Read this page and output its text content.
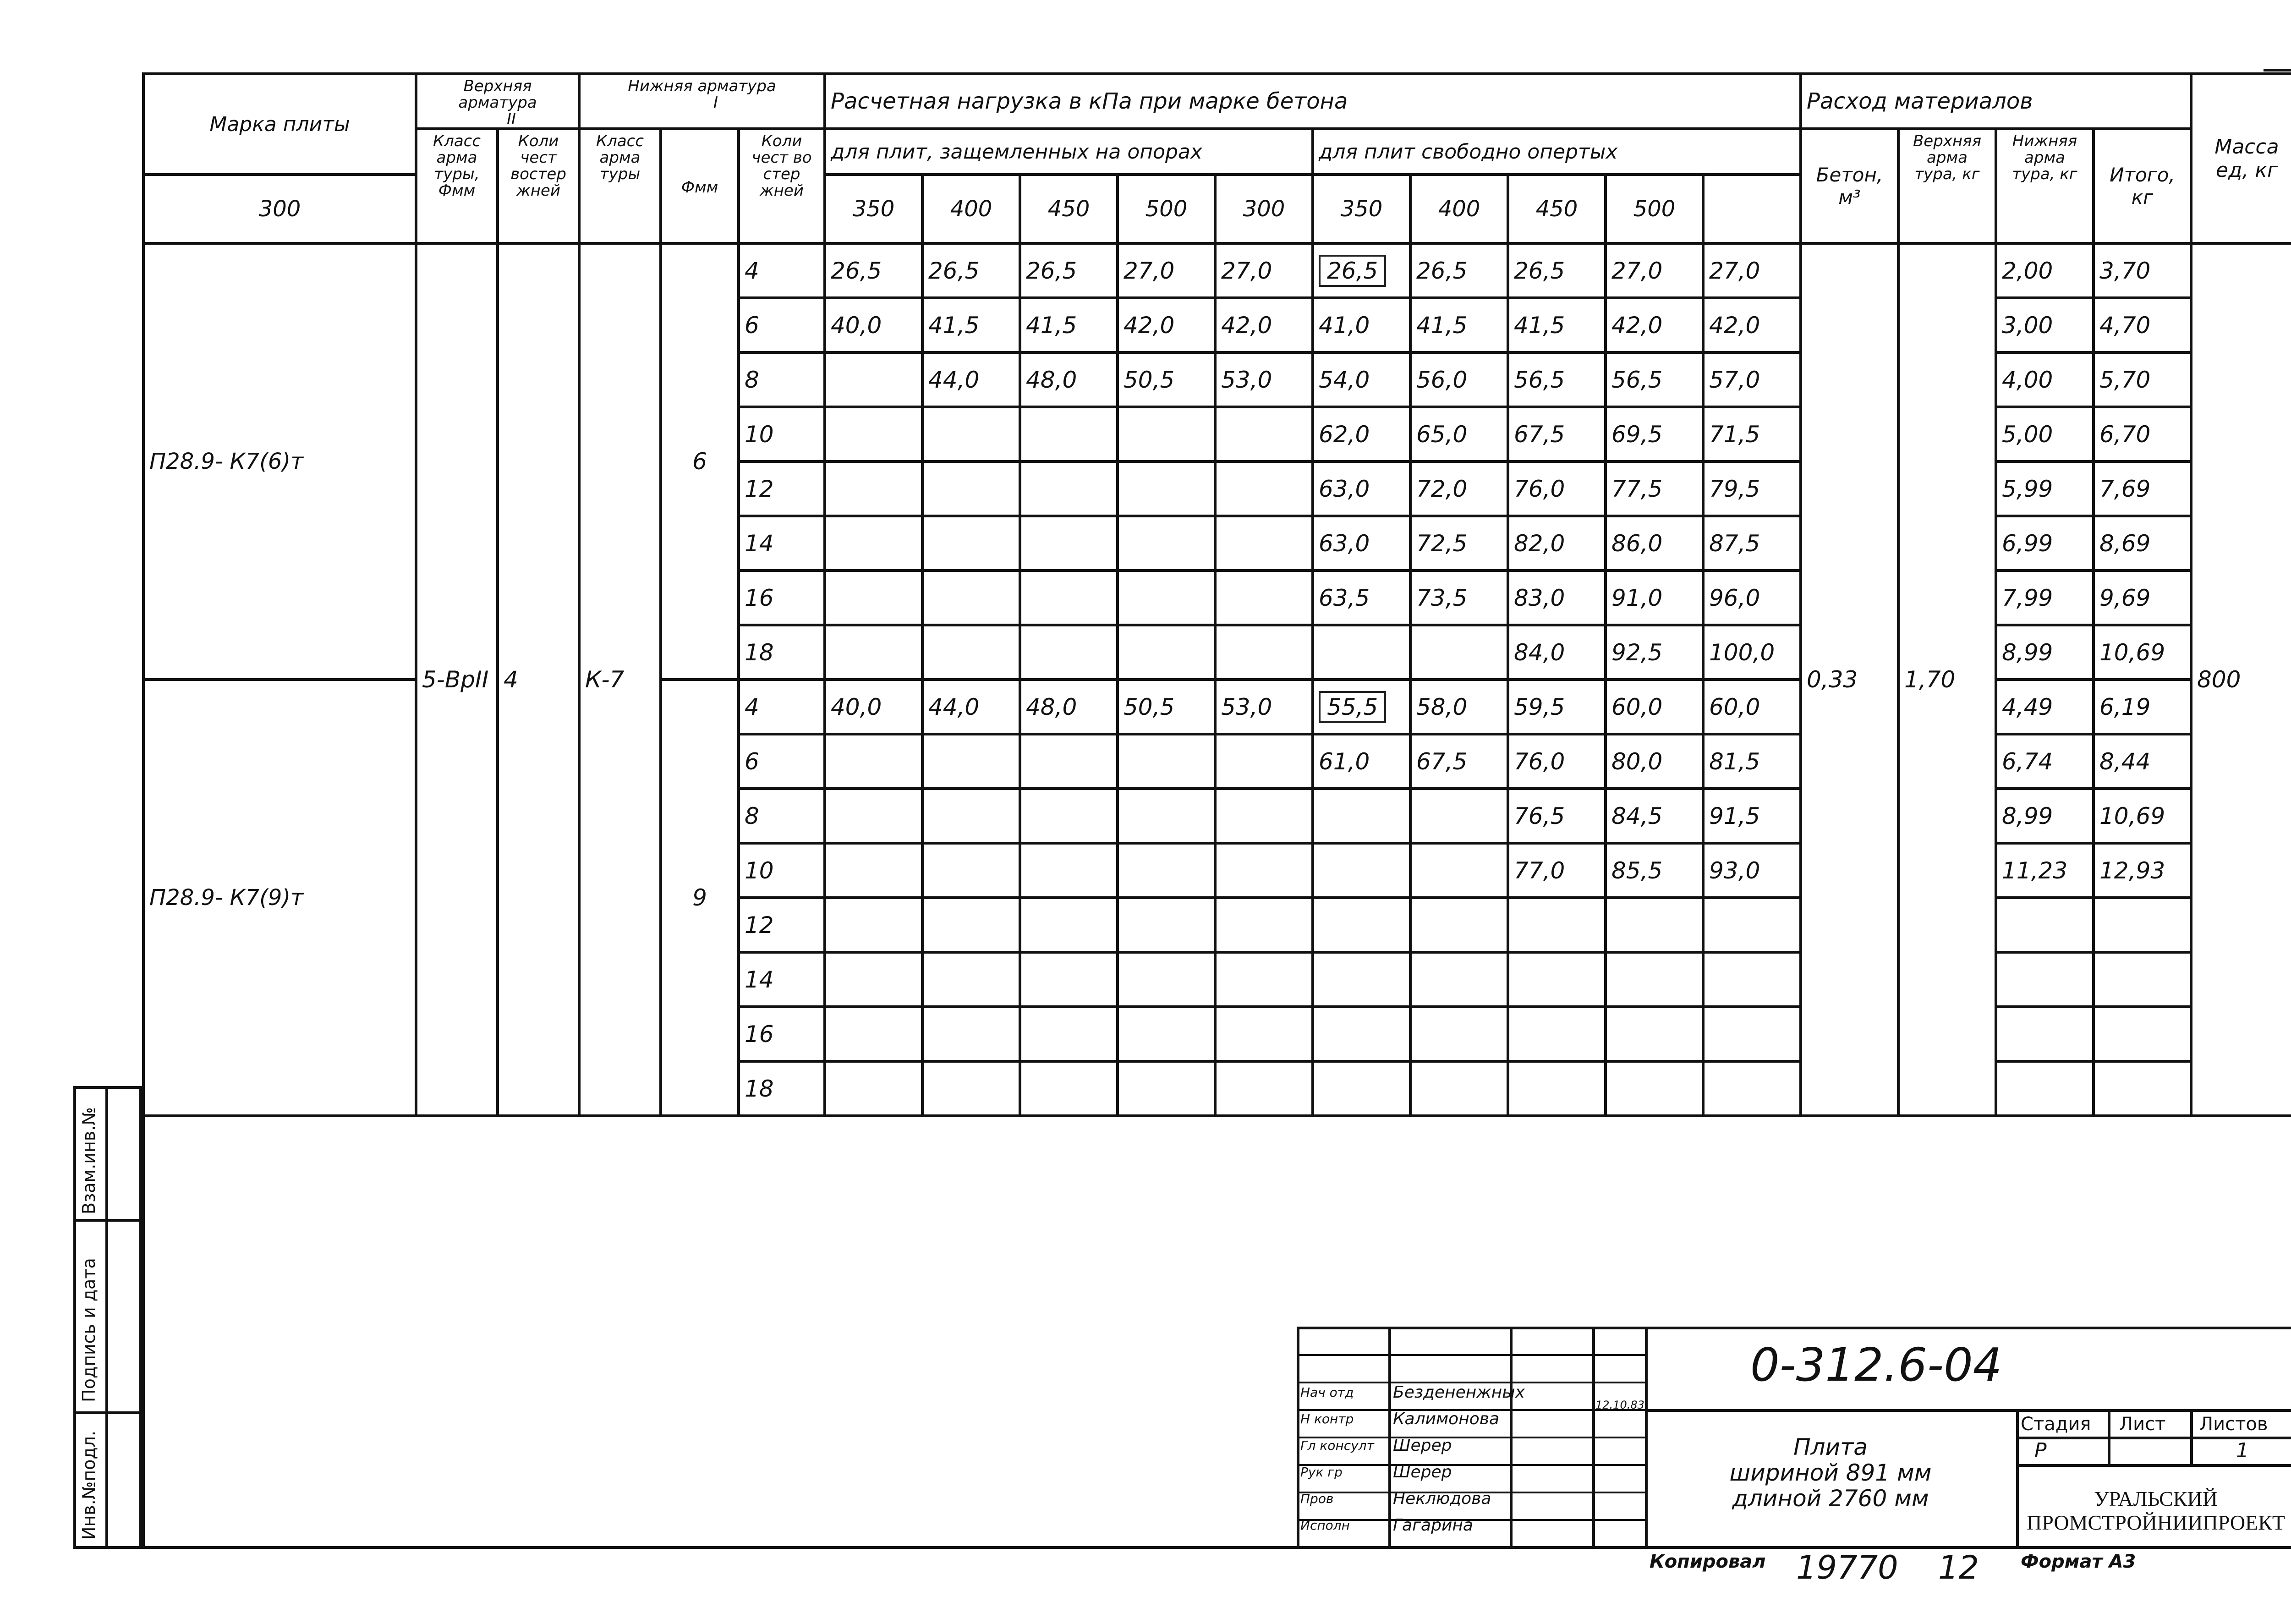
Марка плиты	Верхняя арматура
II		Нижняя арматура
I			Расчетная нагрузка в кПа при марке бетона										Расход материалов				Масса ед, кг
	Класс арма туры, Фмм	Коли чест востер жней	Класс арма туры	Фмм	Коли чест во стер жней	для плит, защемленных на опорах					для плит свободно опертых					Бетон, м³	Верхняя арма тура, кг	Нижняя арма тура, кг	Итого, кг	
300						350	400	450	500	300	350	400	450	500						
П28.9- К7(6)т	5-BpII	4	К-7	6	4	26,5	26,5	26,5	27,0	27,0	26,5	26,5	26,5	27,0	27,0	0,33	1,70	2,00	3,70	800
					6	40,0	41,5	41,5	42,0	42,0	41,0	41,5	41,5	42,0	42,0			3,00	4,70	
					8		44,0	48,0	50,5	53,0	54,0	56,0	56,5	56,5	57,0			4,00	5,70	
					10						62,0	65,0	67,5	69,5	71,5			5,00	6,70	
					12						63,0	72,0	76,0	77,5	79,5			5,99	7,69	
					14						63,0	72,5	82,0	86,0	87,5			6,99	8,69	
					16						63,5	73,5	83,0	91,0	96,0			7,99	9,69	
					18								84,0	92,5	100,0			8,99	10,69	
П28.9- К7(9)т				9	4	40,0	44,0	48,0	50,5	53,0	55,5	58,0	59,5	60,0	60,0			4,49	6,19	
					6						61,0	67,5	76,0	80,0	81,5			6,74	8,44	
					8								76,5	84,5	91,5			8,99	10,69	
					10								77,0	85,5	93,0			11,23	12,93	
					12															
					14															
					16															
					18															
Взам.инв.№
Подпись и дата
Инв.№подл.
Нач отд Бездененжных
Н контр Калимонова
Гл консулт Шерер
Рук гр	Шерер
Пров	Неклюдова
Исполн	Гагарина
0-312.6-04
Плита
шириной 891 мм
длиной 2760 мм
Стадия Лист Листов
Р	1
УРАЛЬСКИЙ
ПРОМСТРОЙНИИПРОЕКТ
Копировал 19770 12 Формат А3
12.10.83
